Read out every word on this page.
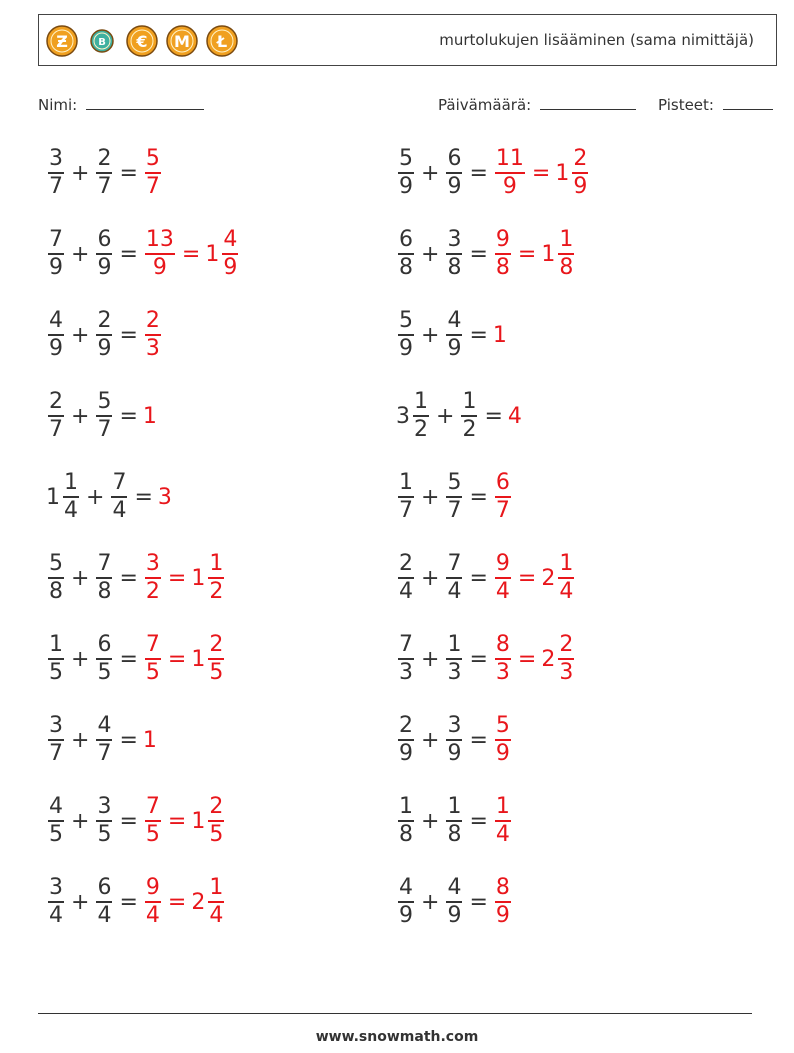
Ƶ	B € M Ł	murtolukujen lisääminen (sama nimittäjä)
Nimi:	Päivämäärä:	Pisteet:
$\frac{3}{7} + \frac{2}{7} = \frac{5}{7}$	$\frac{5}{9} + \frac{6}{9} = \frac{11}{9} = 1 \frac{2}{9}$
$\frac{7}{9} + \frac{6}{9} = \frac{13}{9} = 1 \frac{4}{9}$	$\frac{6}{8} + \frac{3}{8} = \frac{9}{8} = 1 \frac{1}{8}$
$\frac{4}{9} + \frac{2}{9} = \frac{2}{3}$	$\frac{5}{9} + \frac{4}{9} = 1$
$\frac{2}{7} + \frac{5}{7} = 1$	$3 \frac{1}{2} + \frac{1}{2} = 4$
$1 \frac{1}{4} + \frac{7}{4} = 3$	$\frac{1}{7} + \frac{5}{7} = \frac{6}{7}$
$\frac{5}{8} + \frac{7}{8} = \frac{3}{2} = 1 \frac{1}{2}$	$\frac{2}{4} + \frac{7}{4} = \frac{9}{4} = 2 \frac{1}{4}$
$\frac{1}{5} + \frac{6}{5} = \frac{7}{5} = 1 \frac{2}{5}$	$\frac{7}{3} + \frac{1}{3} = \frac{8}{3} = 2 \frac{2}{3}$
$\frac{3}{7} + \frac{4}{7} = 1$	$\frac{2}{9} + \frac{3}{9} = \frac{5}{9}$
$\frac{4}{5} + \frac{3}{5} = \frac{7}{5} = 1 \frac{2}{5}$	$\frac{1}{8} + \frac{1}{8} = \frac{1}{4}$
$\frac{3}{4} + \frac{6}{4} = \frac{9}{4} = 2 \frac{1}{4}$	$\frac{4}{9} + \frac{4}{9} = \frac{8}{9}$
www.snowmath.com
